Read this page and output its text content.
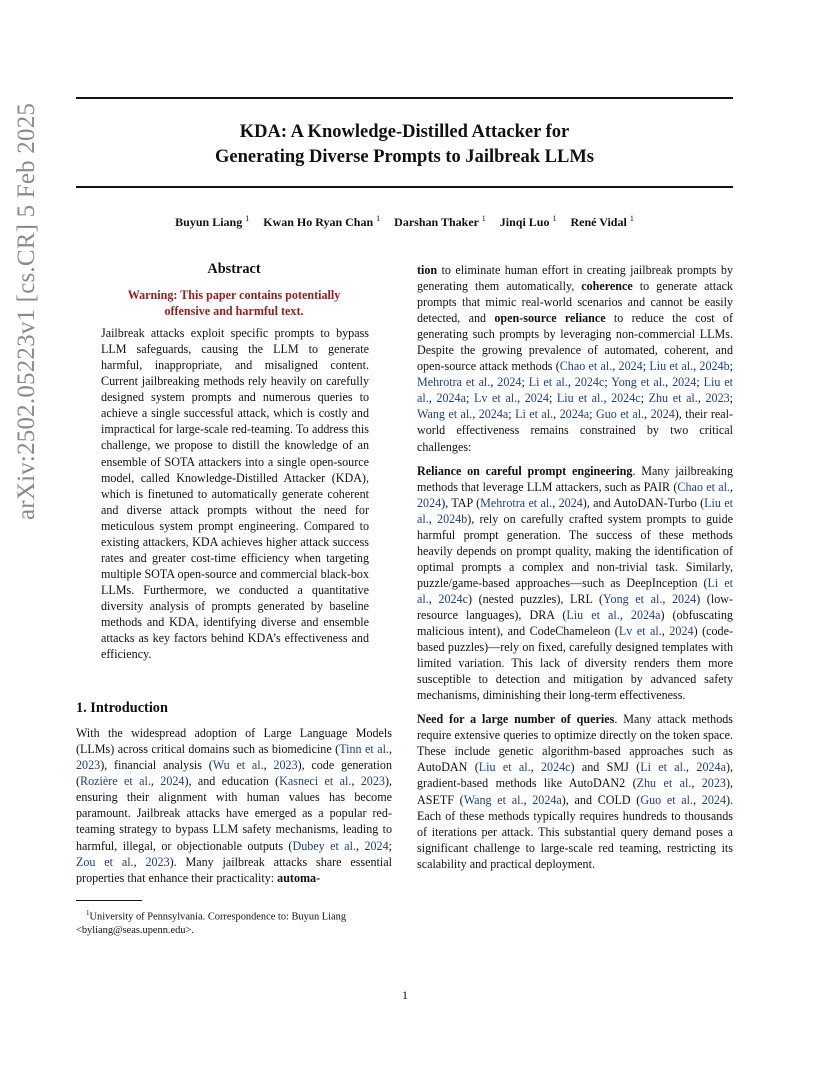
arXiv:2502.05223v1 [cs.CR] 5 Feb 2025	KDA: A Knowledge-Distilled Attacker for
Generating Diverse Prompts to Jailbreak LLMs
Buyun Liang $^1$ Kwan Ho Ryan Chan $^1$ Darshan Thaker $^1$ Jinqi Luo $^1$ René Vidal $^1$
Abstract
Warning: This paper contains potentially
offensive and harmful text.

Jailbreak attacks exploit specific prompts to bypass LLM safeguards, causing the LLM to generate harmful, inappropriate, and misaligned content. Current jailbreaking methods rely heavily on carefully designed system prompts and numerous queries to achieve a single successful attack, which is costly and impractical for large-scale red-teaming. To address this challenge, we propose to distill the knowledge of an ensemble of SOTA attackers into a single open-source model, called Knowledge-Distilled Attacker (KDA), which is finetuned to automatically generate coherent and diverse attack prompts without the need for meticulous system prompt engineering. Compared to existing attackers, KDA achieves higher attack success rates and greater cost-time efficiency when targeting multiple SOTA open-source and commercial black-box LLMs. Furthermore, we conducted a quantitative diversity analysis of prompts generated by baseline methods and KDA, identifying diverse and ensemble attacks as key factors behind KDA’s effectiveness and efficiency.

1. Introduction

With the widespread adoption of Large Language Models (LLMs) across critical domains such as biomedicine (Tinn et al., 2023), financial analysis (Wu et al., 2023), code generation (Rozière et al., 2024), and education (Kasneci et al., 2023), ensuring their alignment with human values has become paramount. Jailbreak attacks have emerged as a popular red-teaming strategy to bypass LLM safety mechanisms, leading to harmful, illegal, or objectionable outputs (Dubey et al., 2024; Zou et al., 2023). Many jailbreak attacks share essential properties that enhance their practicality: automa-

$^1$University of Pennsylvania. Correspondence to: Buyun Liang
<byliang@seas.upenn.edu>.

tion to eliminate human effort in creating jailbreak prompts by generating them automatically, coherence to generate attack prompts that mimic real-world scenarios and cannot be easily detected, and open-source reliance to reduce the cost of generating such prompts by leveraging non-commercial LLMs. Despite the growing prevalence of automated, coherent, and open-source attack methods (Chao et al., 2024; Liu et al., 2024b; Mehrotra et al., 2024; Li et al., 2024c; Yong et al., 2024; Liu et al., 2024a; Lv et al., 2024; Liu et al., 2024c; Zhu et al., 2023; Wang et al., 2024a; Li et al., 2024a; Guo et al., 2024), their real-world effectiveness remains constrained by two critical challenges:

Reliance on careful prompt engineering. Many jailbreaking methods that leverage LLM attackers, such as PAIR (Chao et al., 2024), TAP (Mehrotra et al., 2024), and AutoDAN-Turbo (Liu et al., 2024b), rely on carefully crafted system prompts to guide harmful prompt generation. The success of these methods heavily depends on prompt quality, making the identification of optimal prompts a complex and non-trivial task. Similarly, puzzle/game-based approaches—such as DeepInception (Li et al., 2024c) (nested puzzles), LRL (Yong et al., 2024) (low-resource languages), DRA (Liu et al., 2024a) (obfuscating malicious intent), and CodeChameleon (Lv et al., 2024) (code-based puzzles)—rely on fixed, carefully designed templates with limited variation. This lack of diversity renders them more susceptible to detection and mitigation by advanced safety mechanisms, diminishing their long-term effectiveness.

Need for a large number of queries. Many attack methods require extensive queries to optimize directly on the token space. These include genetic algorithm-based approaches such as AutoDAN (Liu et al., 2024c) and SMJ (Li et al., 2024a), gradient-based methods like AutoDAN2 (Zhu et al., 2023), ASETF (Wang et al., 2024a), and COLD (Guo et al., 2024). Each of these methods typically requires hundreds to thousands of iterations per attack. This substantial query demand poses a significant challenge to large-scale red teaming, restricting its scalability and practical deployment.

1
